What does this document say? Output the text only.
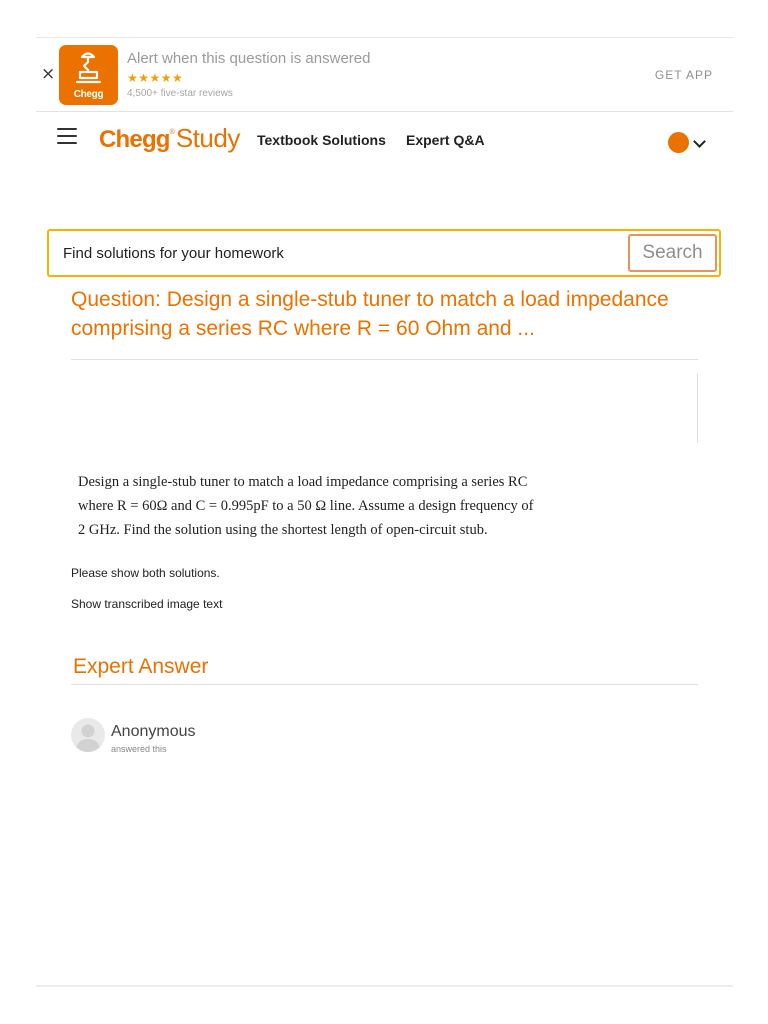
×
Chegg
Alert when this question is answered
★★★★★
4,500+ five-star reviews
GET APP
Chegg®Study Textbook Solutions Expert Q&A
Find solutions for your homework
Search
Question: Design a single-stub tuner to match a load impedance comprising a series RC where R = 60 Ohm and ...

Design a single-stub tuner to match a load impedance comprising a series RC

where R = 60Ω and C = 0.995pF to a 50 Ω line. Assume a design frequency of

2 GHz. Find the solution using the shortest length of open-circuit stub.

Please show both solutions.
Show transcribed image text
Expert Answer
Anonymous
answered this
